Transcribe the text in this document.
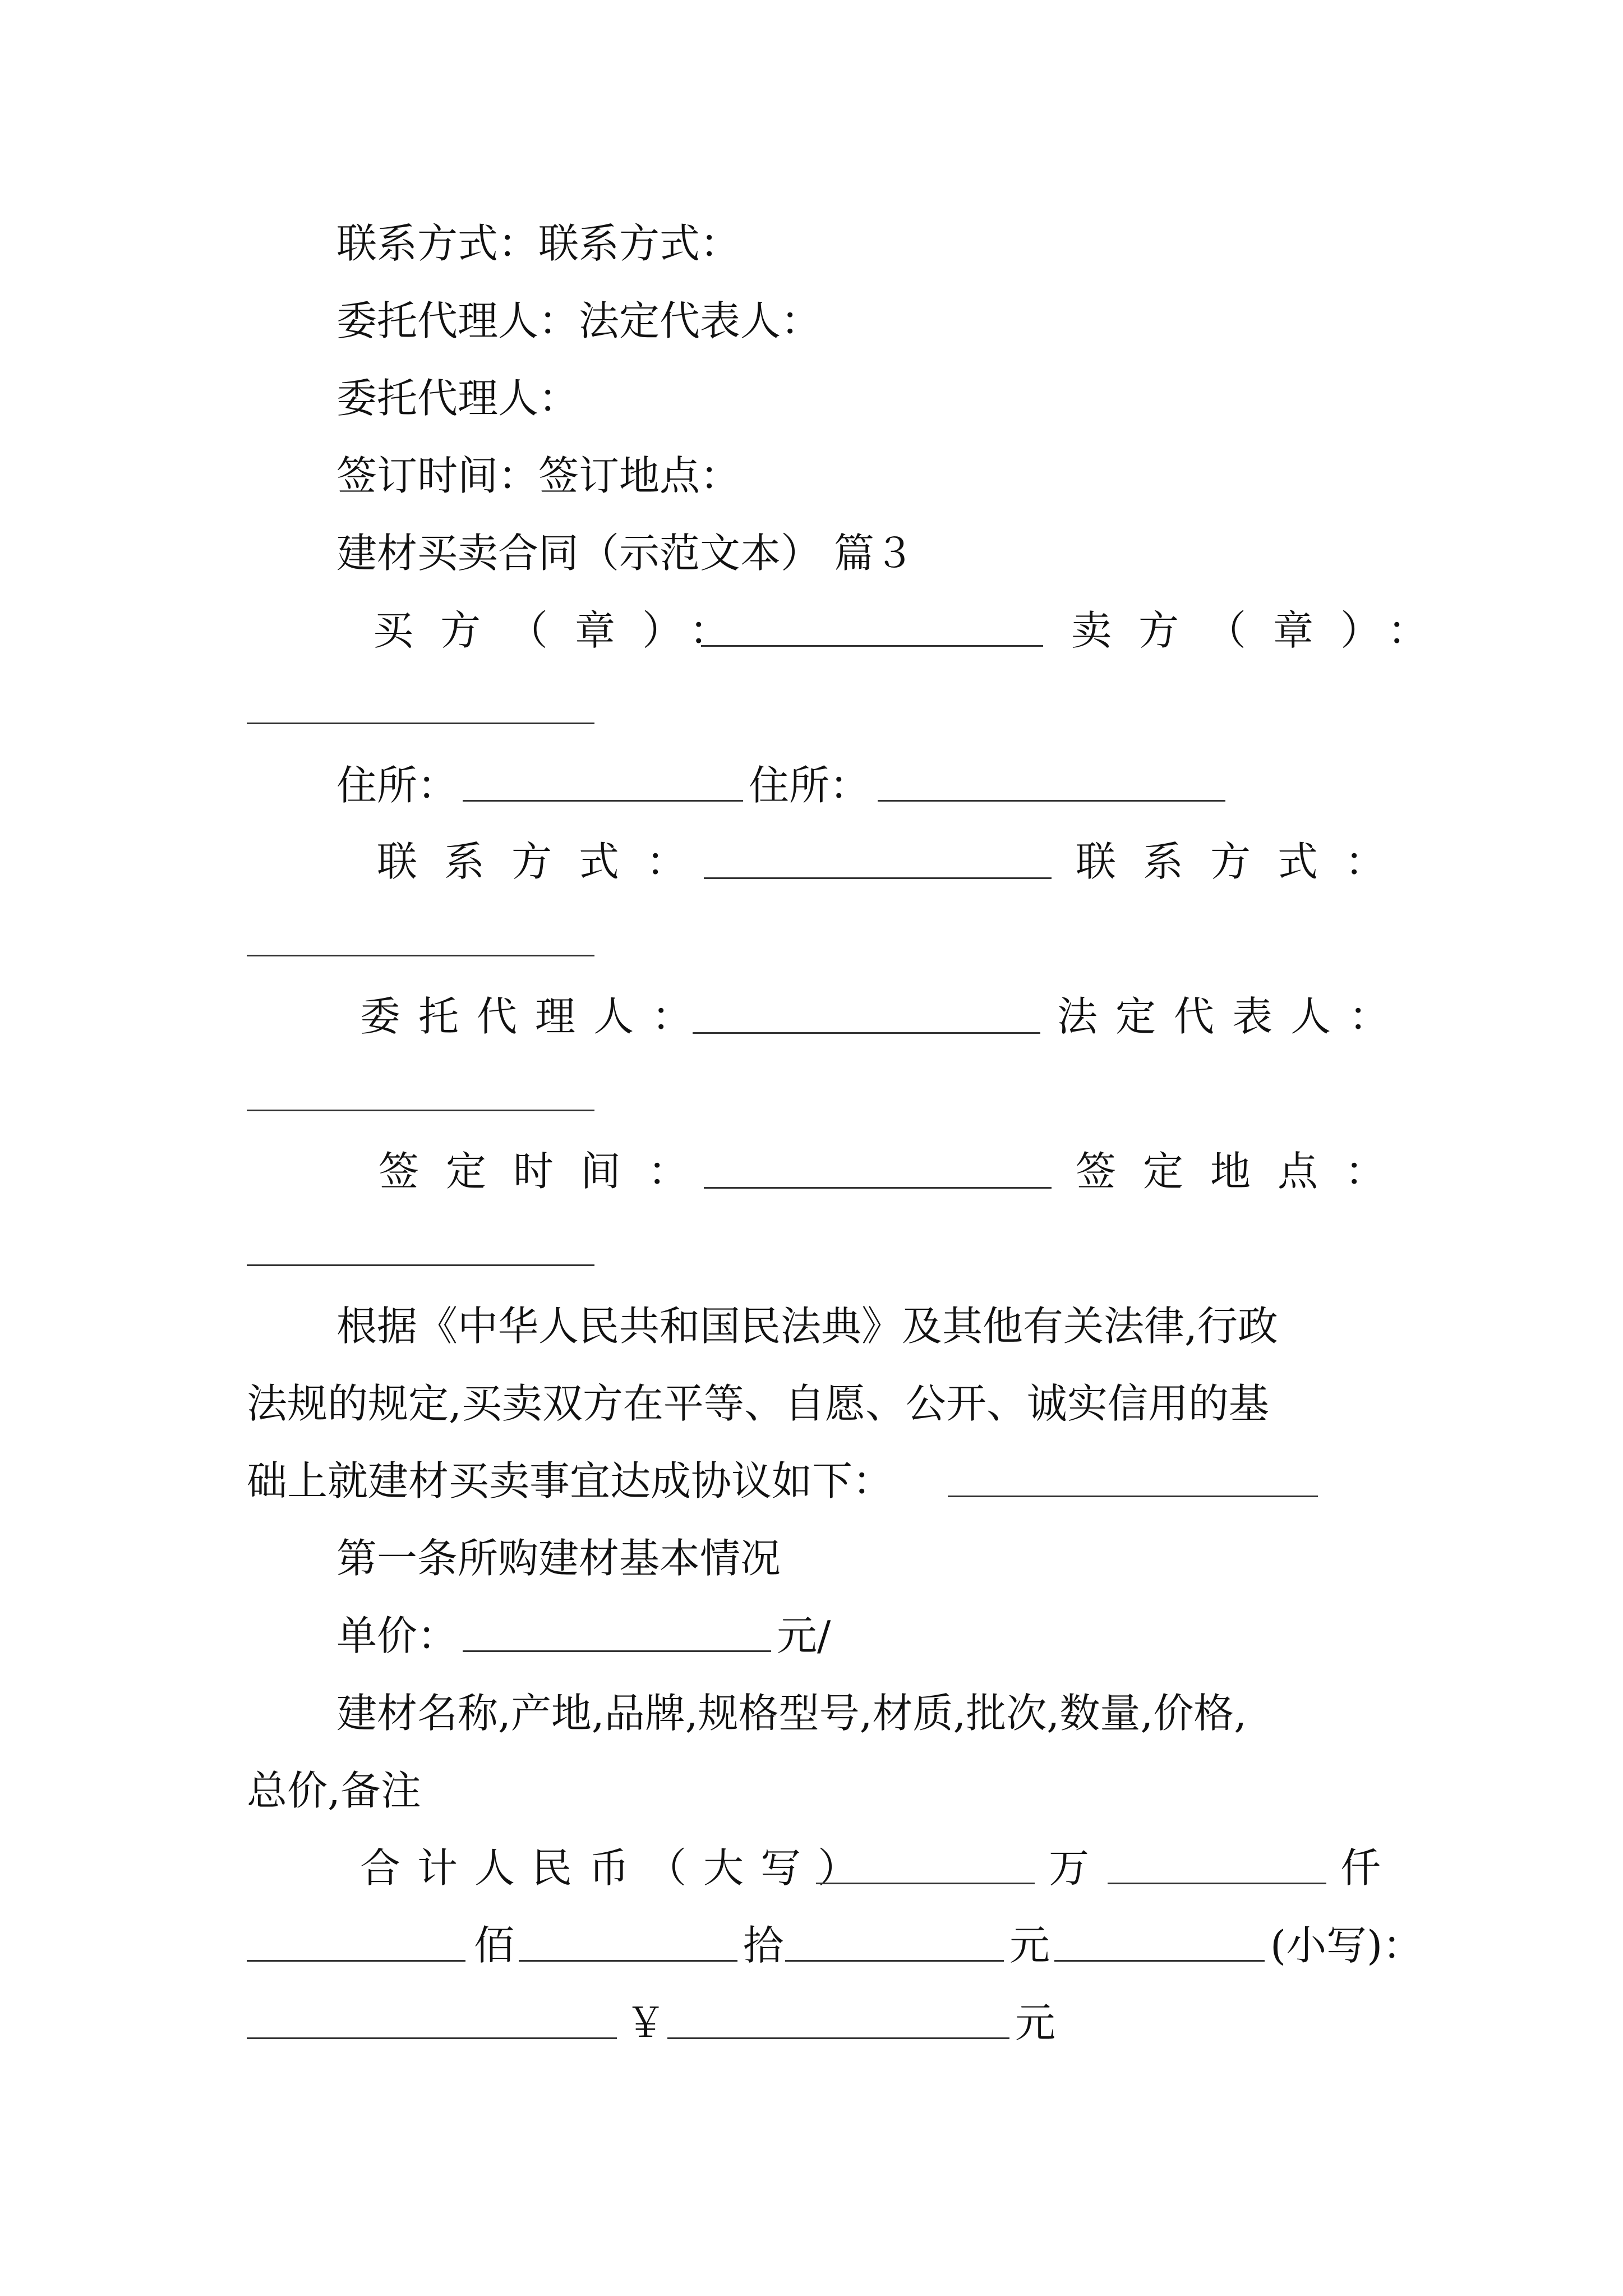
联系方式：联系方式：
委托代理人：法定代表人：
委托代理人：
签订时间：签订地点：
建材买卖合同（示范文本） 篇３
买方（章）：	卖方（章）：
住所：	住所：
联系方式：	联系方式：
委托代理人：	法定代表人：
签定时间：	签定地点：
根据《中华人民共和国民法典》及其他有关法律,行政
法规的规定,买卖双方在平等、自愿、公开、诚实信用的基
础上就建材买卖事宜达成协议如下：
第一条所购建材基本情况
单价：	元/
建材名称,产地,品牌,规格型号,材质,批次,数量,价格,
总价,备注
合计人民币（大写）	万	仟
佰	拾	元	(小写)：
￥	元
